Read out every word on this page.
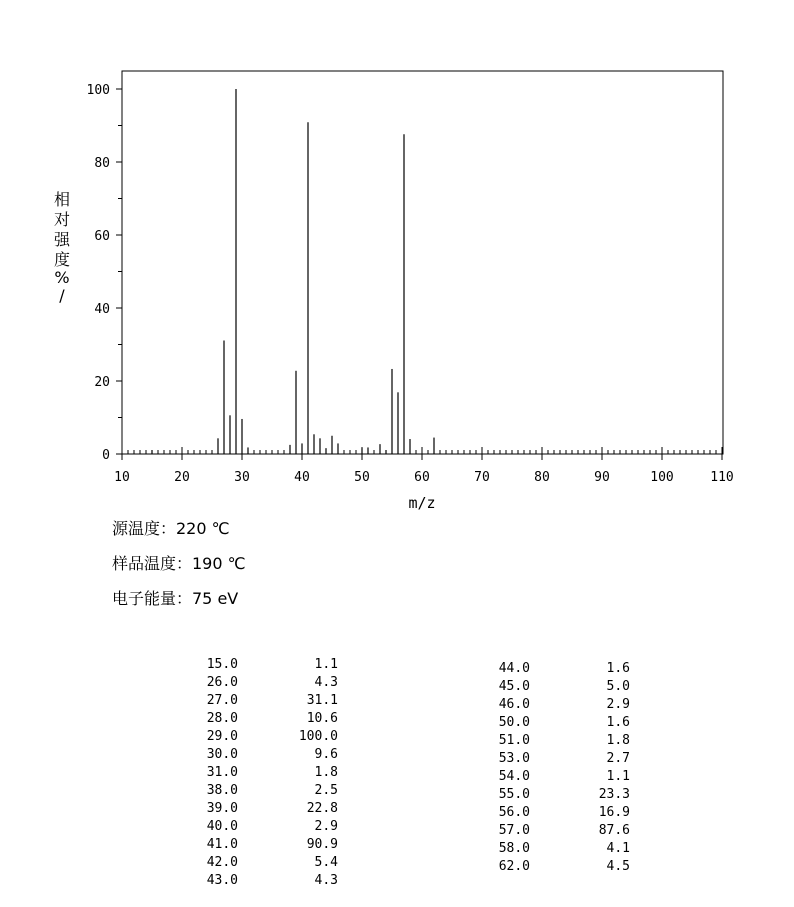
0
20
40
60
80
100
10	20	30	40	50	60	70	80	90	100	110
m/z
相对强度% /
源温度：220 ℃
样品温度：190 ℃
电子能量：75 eV
15.0	1.1
26.0	4.3
27.0	31.1
28.0	10.6
29.0	100.0
30.0	9.6
31.0	1.8
38.0	2.5
39.0	22.8
40.0	2.9
41.0	90.9
42.0	5.4
43.0	4.3
44.0	1.6
45.0	5.0
46.0	2.9
50.0	1.6
51.0	1.8
53.0	2.7
54.0	1.1
55.0	23.3
56.0	16.9
57.0	87.6
58.0	4.1
62.0	4.5
